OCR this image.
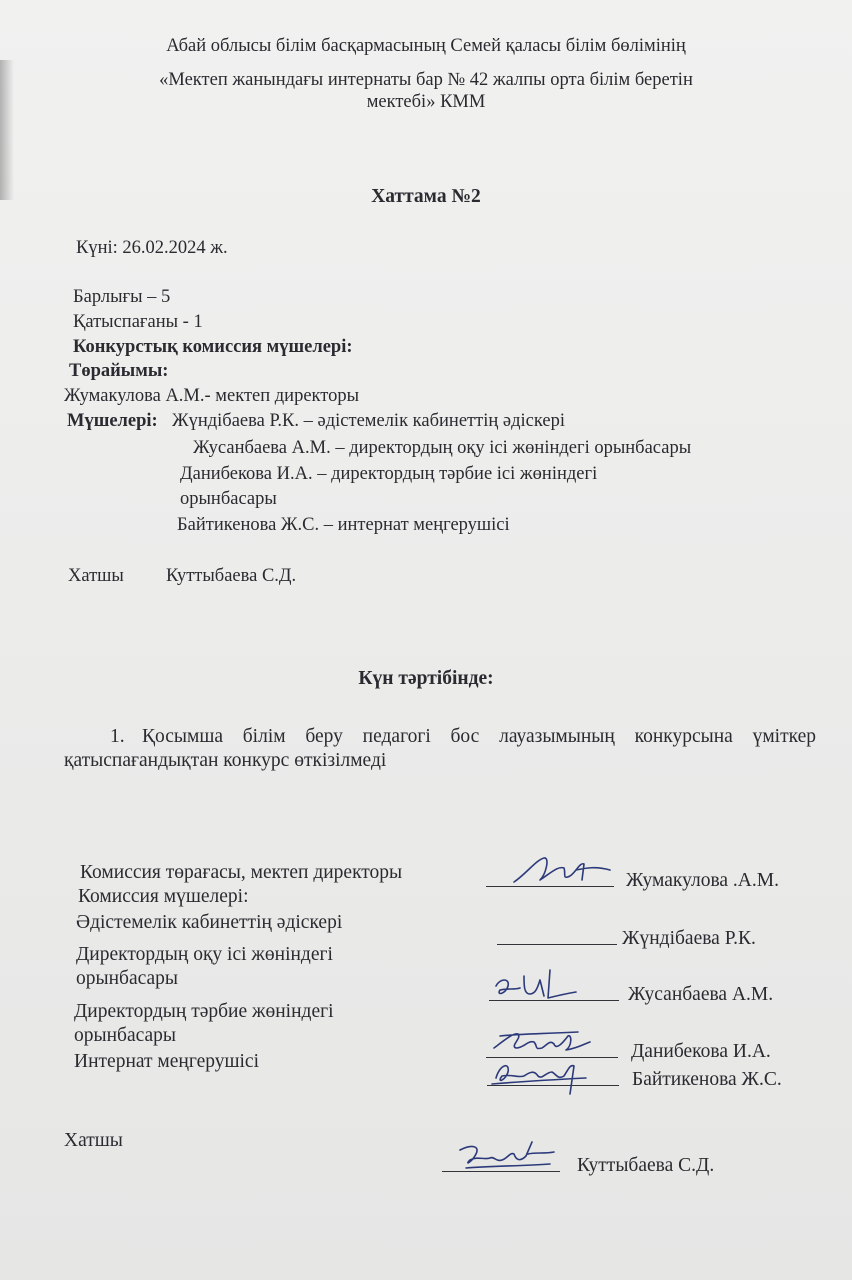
Абай облысы білім басқармасының Семей қаласы білім бөлімінің
«Мектеп жанындағы интернаты бар № 42 жалпы орта білім беретін
мектебі» КММ
Хаттама №2
Күні: 26.02.2024 ж.
Барлығы – 5
Қатыспағаны - 1
Конкурстық комиссия мүшелері:
Төрайымы:
Жумакулова А.М.- мектеп директоры
Мүшелері: Жүндібаева Р.К. – әдістемелік кабинеттің әдіскері
Жусанбаева А.М. – директордың оқу ісі жөніндегі орынбасары
Данибекова И.А. – директордың тәрбие ісі жөніндегі
орынбасары
Байтикенова Ж.С. – интернат меңгерушісі
Хатшы Куттыбаева С.Д.
Күн тәртібінде:
1. Қосымша білім беру педагогі бос лауазымының конкурсына үміткер қатыспағандықтан конкурс өткізілмеді
Комиссия төрағасы, мектеп директоры
Комиссия мүшелері:
Әдістемелік кабинеттің әдіскері
Директордың оқу ісі жөніндегі
орынбасары
Директордың тәрбие жөніндегі
орынбасары
Интернат меңгерушісі
Жумакулова .А.М.
Жүндібаева Р.К.
Жусанбаева А.М.
Данибекова И.А.
Байтикенова Ж.С.
Хатшы
Куттыбаева С.Д.
